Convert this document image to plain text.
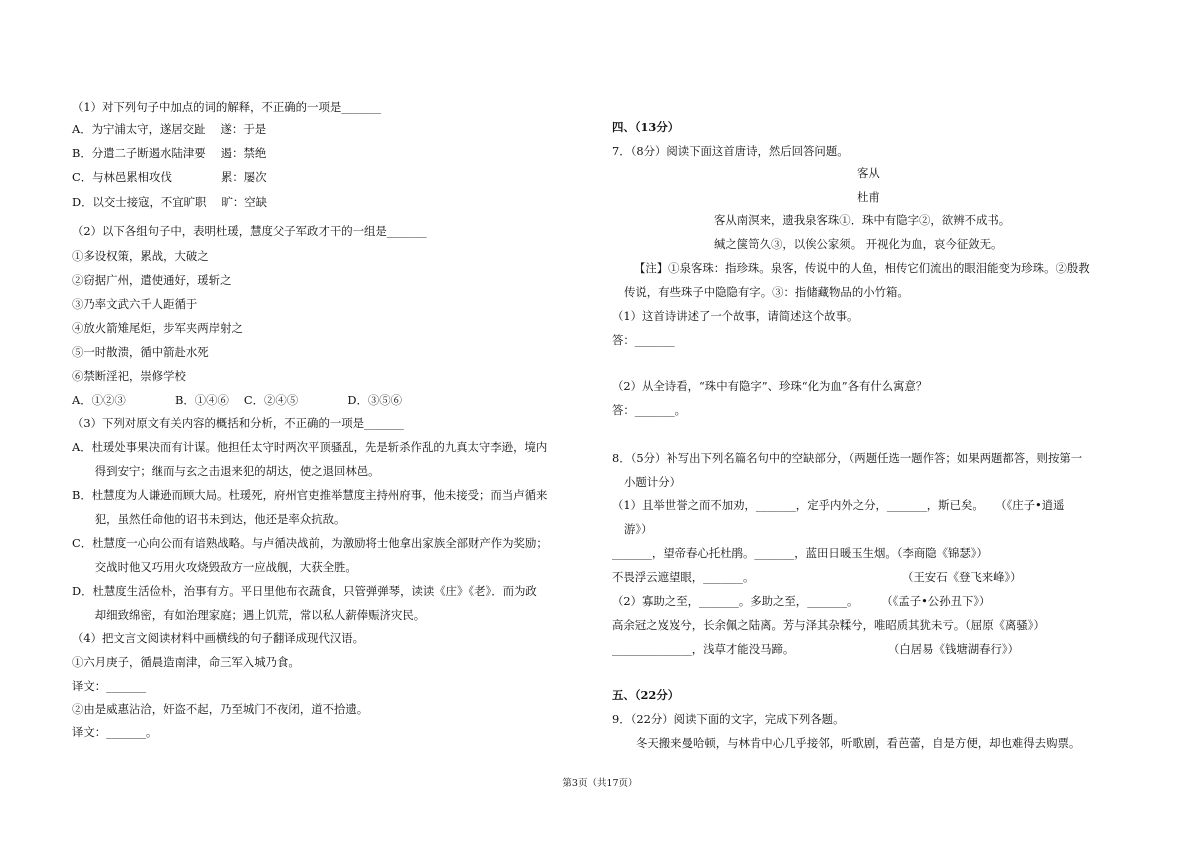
（1）对下列句子中加点的词的解释，不正确的一项是_______
A．为宁浦太守，遂居交趾　 遂：于是
B．分遣二子断遏水陆津要　 遏：禁绝
C．与林邑累相攻伐　　　　 累：屡次
D．以交士接寇，不宜旷职　 旷：空缺
（2）以下各组句子中，表明杜瑗，慧度父子军政才干的一组是_______
①多设权策，累战，大破之
②窃据广州，遣使通好，瑗斩之
③乃率文武六千人距循于
④放火箭雉尾炬，步军夹两岸射之
⑤一时散溃，循中箭赴水死
⑥禁断淫祀，崇修学校
A．①②③　　　　 B．①④⑥　 C．②④⑤　　　　 D．③⑤⑥
（3）下列对原文有关内容的概括和分析，不正确的一项是_______
A．杜瑗处事果决而有计谋。他担任太守时两次平顶骚乱，先是斩杀作乱的九真太守李逊，境内
　　得到安宁；继而与玄之击退来犯的胡达，使之退回林邑。
B．杜慧度为人谦逊而顾大局。杜瑗死，府州官吏推举慧度主持州府事，他未接受；而当卢循来
　　犯，虽然任命他的诏书未到达，他还是率众抗敌。
C．杜慧度一心向公而有谙熟战略。与卢循决战前，为激励将士他拿出家族全部财产作为奖励；
　　交战时他又巧用火攻烧毁敌方一应战舰，大获全胜。
D．杜慧度生活俭朴，治事有方。平日里他布衣蔬食，只管弹弹琴，读读《庄》《老》．而为政
　　却细致绵密，有如治理家庭；遇上饥荒，常以私人薪俸赈济灾民。
（4）把文言文阅读材料中画横线的句子翻译成现代汉语。
①六月庚子，循晨造南津，命三军入城乃食。
译文：_______
②由是威惠沾洽，奸盗不起，乃至城门不夜闭，道不拾遗。
译文：_______。
四、（13分）
7．（8分）阅读下面这首唐诗，然后回答问题。
客从
杜甫
客从南溟来，遗我泉客珠①．珠中有隐字②，欲辨不成书。
缄之箧笥久③，以俟公家须。 开视化为血，哀今征敛无。
【注】①泉客珠：指珍珠。泉客，传说中的人鱼，相传它们流出的眼泪能变为珍珠。②殷教
传说，有些珠子中隐隐有字。③：指储藏物品的小竹箱。
（1）这首诗讲述了一个故事，请简述这个故事。
答：_______
（2）从全诗看，“珠中有隐字”、珍珠“化为血”各有什么寓意？
答：_______。
8．（5分）补写出下列名篇名句中的空缺部分，（两题任选一题作答；如果两题都答，则按第一
小题计分）
（1）且举世誉之而不加劝，_______，定乎内外之分，_______，斯已矣。　　（《庄子•逍遥
游》）
_______，望帝春心托杜鹃。_______，蓝田日暖玉生烟。（李商隐《锦瑟》）
不畏浮云遮望眼，_______。	（王安石《登飞来峰》）
（2）寡助之至，_______。多助之至，_______。　　　（《孟子•公孙丑下》）
高余冠之岌岌兮，长余佩之陆离。芳与泽其杂糅兮，唯昭质其犹未亏。（屈原《离骚》）
______________，浅草才能没马蹄。	（白居易《钱塘湖春行》）
五、（22分）
9．（22分）阅读下面的文字，完成下列各题。
冬天搬来曼哈顿，与林肯中心几乎接邻，听歌剧，看芭蕾，自是方便，却也难得去购票。
第3页（共17页）
